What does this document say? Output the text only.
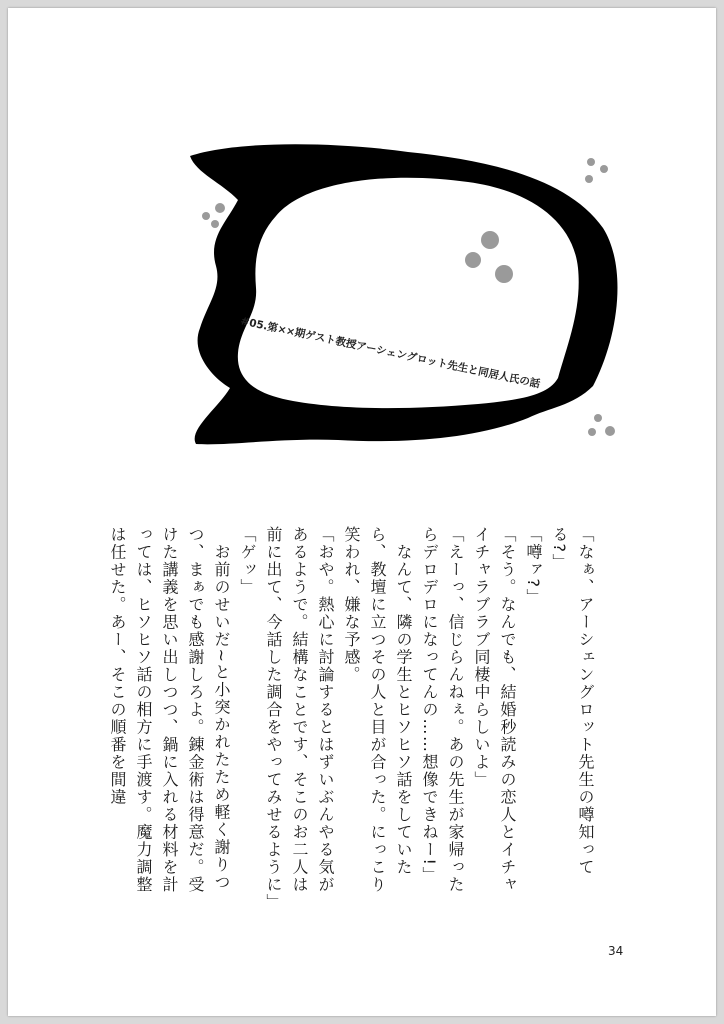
#05.第××期ゲスト教授アーシェングロット先生と同居人氏の話

「なぁ、アーシェングロット先生の噂知ってる?」

「噂ァ?」

「そう。なんでも、結婚秒読みの恋人とイチャイチャラブラブ同棲中らしいよ」

「えーっ、信じらんねぇ。あの先生が家帰ったらデロデロになってんの……想像できねー!」

　なんて、隣の学生とヒソヒソ話をしていたら、教壇に立つその人と目が合った。にっこり笑われ、嫌な予感。

「おや。熱心に討論するとはずいぶんやる気があるようで。結構なことです、そこのお二人は前に出て、今話した調合をやってみせるように」

「ゲッ」

　お前のせいだ~と小突かれたため軽く謝りつつ、まぁでも感謝しろよ。錬金術は得意だ。受けた講義を思い出しつつ、鍋に入れる材料を計っては、ヒソヒソ話の相方に手渡す。魔力調整は任せた。あー、そこの順番を間違

34
